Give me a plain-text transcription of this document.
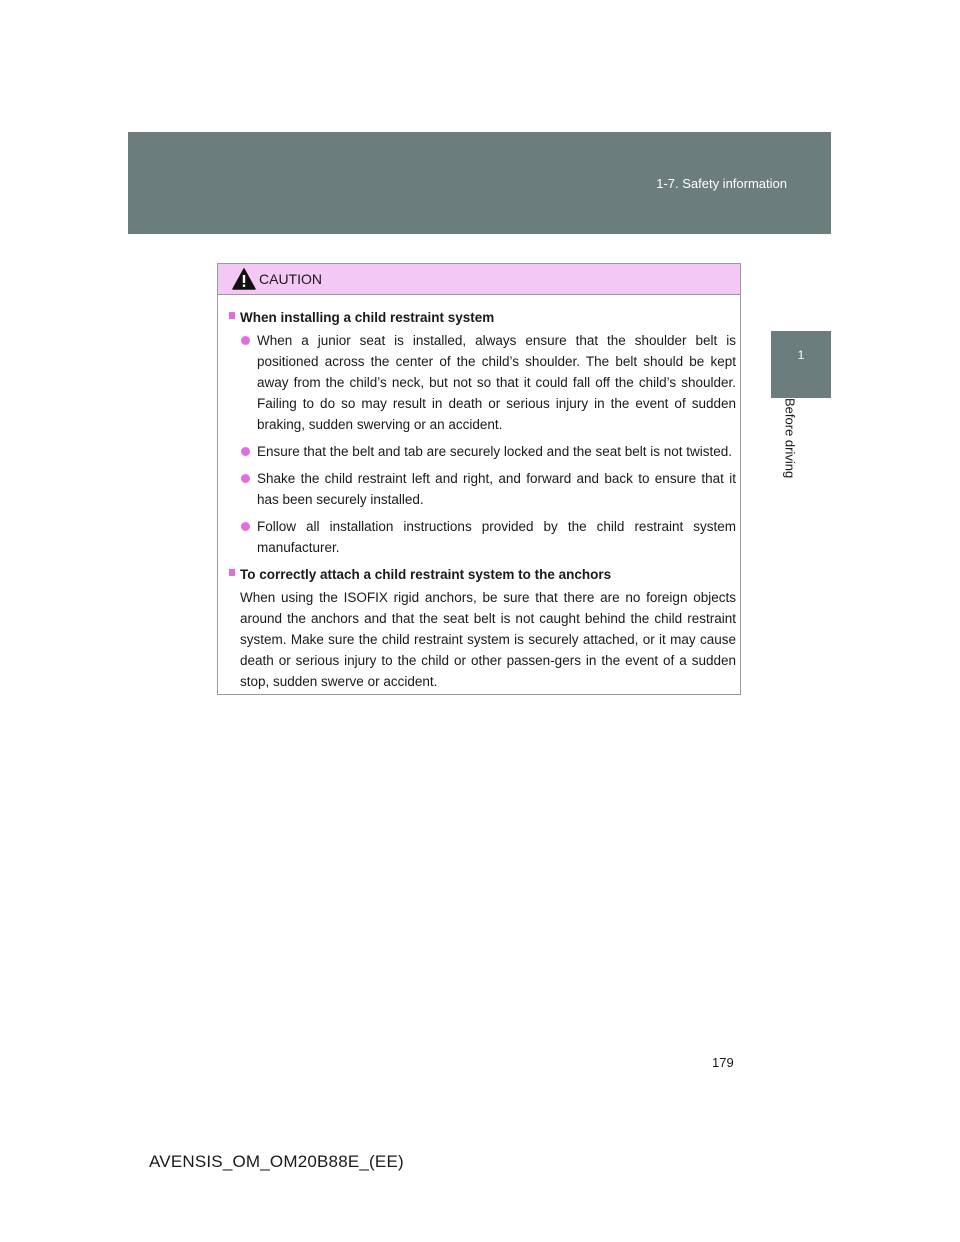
1-7. Safety information
1
Before driving
CAUTION
When installing a child restraint system

When a junior seat is installed, always ensure that the shoulder belt is positioned across the center of the child’s shoulder. The belt should be kept away from the child’s neck, but not so that it could fall off the child’s shoulder. Failing to do so may result in death or serious injury in the event of sudden braking, sudden swerving or an accident.

Ensure that the belt and tab are securely locked and the seat belt is not twisted.

Shake the child restraint left and right, and forward and back to ensure that it has been securely installed.

Follow all installation instructions provided by the child restraint system manufacturer.

To correctly attach a child restraint system to the anchors

When using the ISOFIX rigid anchors, be sure that there are no foreign objects around the anchors and that the seat belt is not caught behind the child restraint system. Make sure the child restraint system is securely attached, or it may cause death or serious injury to the child or other passen-gers in the event of a sudden stop, sudden swerve or accident.

179
AVENSIS_OM_OM20B88E_(EE)
